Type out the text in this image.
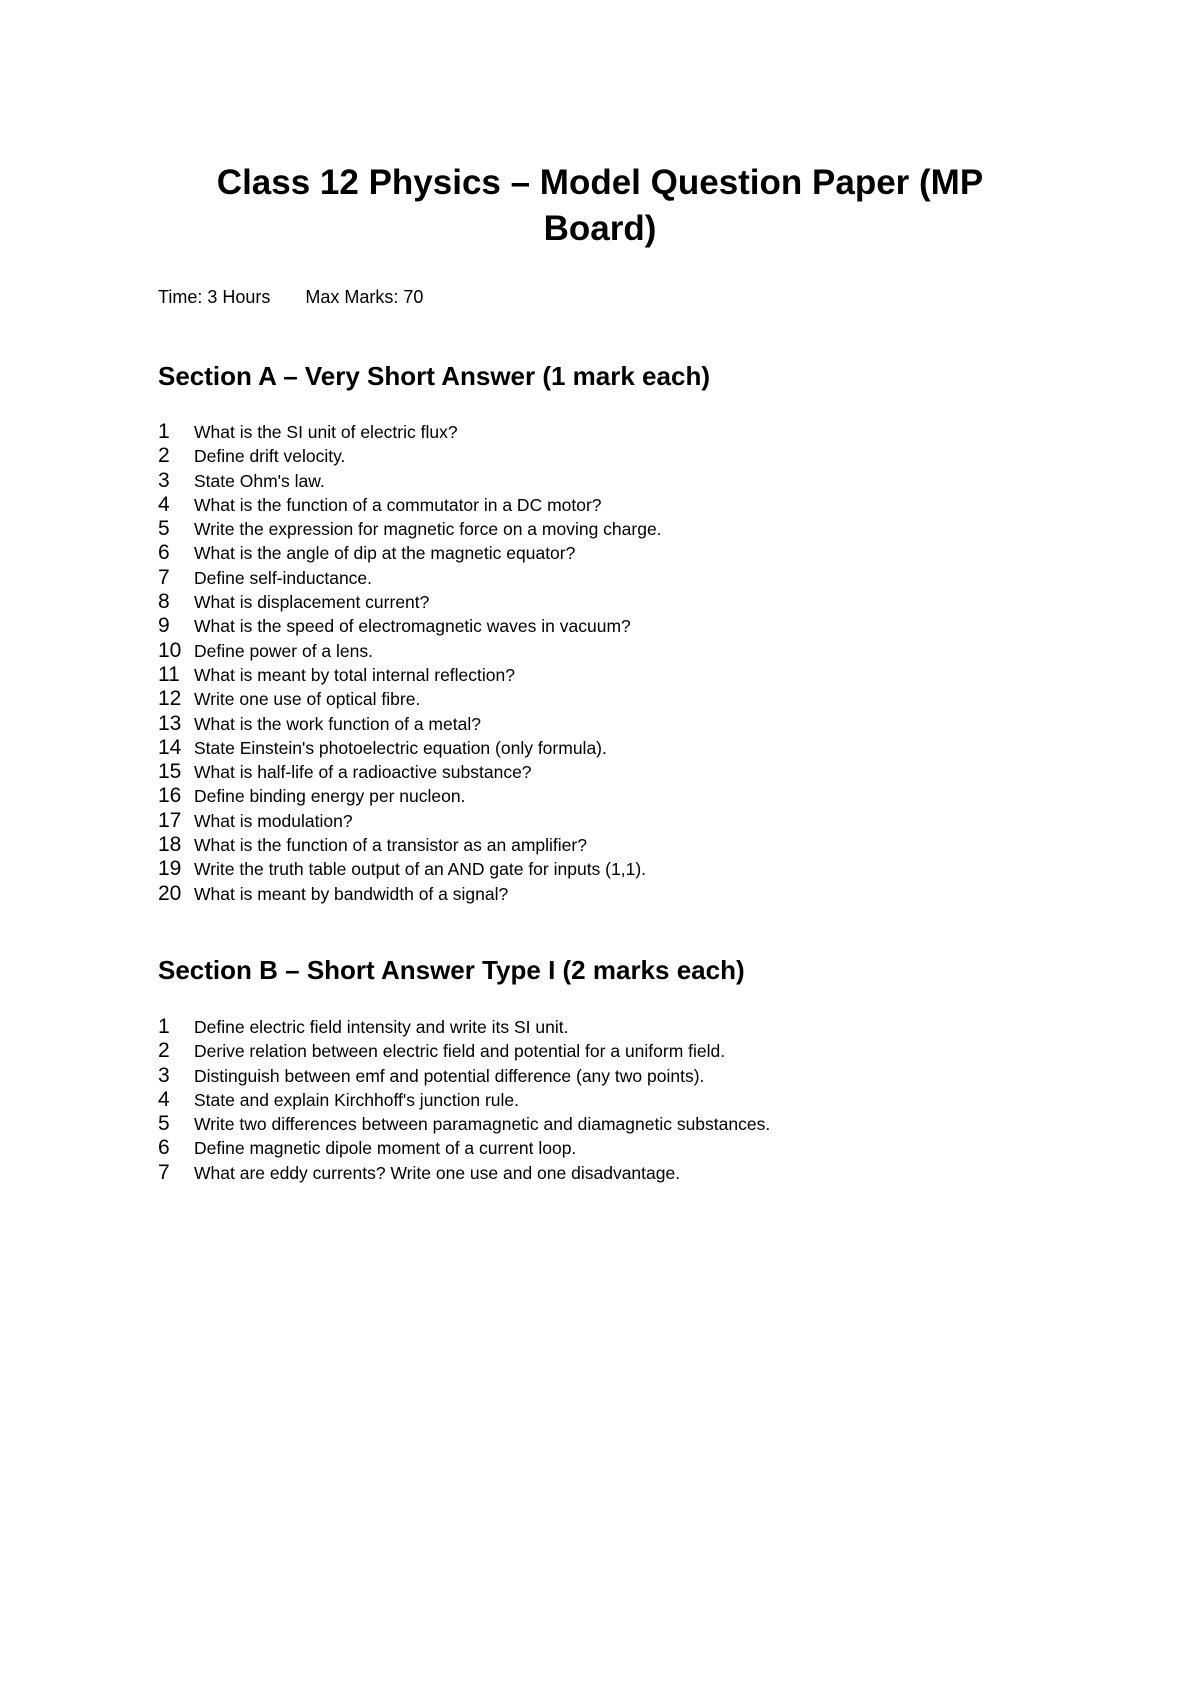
Class 12 Physics – Model Question Paper (MP Board)
Time: 3 Hours Max Marks: 70
Section A – Very Short Answer (1 mark each)
1	What is the SI unit of electric flux?
2	Define drift velocity.
3	State Ohm's law.
4	What is the function of a commutator in a DC motor?
5	Write the expression for magnetic force on a moving charge.
6	What is the angle of dip at the magnetic equator?
7	Define self-inductance.
8	What is displacement current?
9	What is the speed of electromagnetic waves in vacuum?
10 Define power of a lens.
11 What is meant by total internal reflection?
12 Write one use of optical fibre.
13 What is the work function of a metal?
14 State Einstein's photoelectric equation (only formula).
15 What is half-life of a radioactive substance?
16 Define binding energy per nucleon.
17 What is modulation?
18 What is the function of a transistor as an amplifier?
19 Write the truth table output of an AND gate for inputs (1,1).
20 What is meant by bandwidth of a signal?
Section B – Short Answer Type I (2 marks each)
1	Define electric field intensity and write its SI unit.
2	Derive relation between electric field and potential for a uniform field.
3	Distinguish between emf and potential difference (any two points).
4	State and explain Kirchhoff's junction rule.
5	Write two differences between paramagnetic and diamagnetic substances.
6	Define magnetic dipole moment of a current loop.
7	What are eddy currents? Write one use and one disadvantage.
